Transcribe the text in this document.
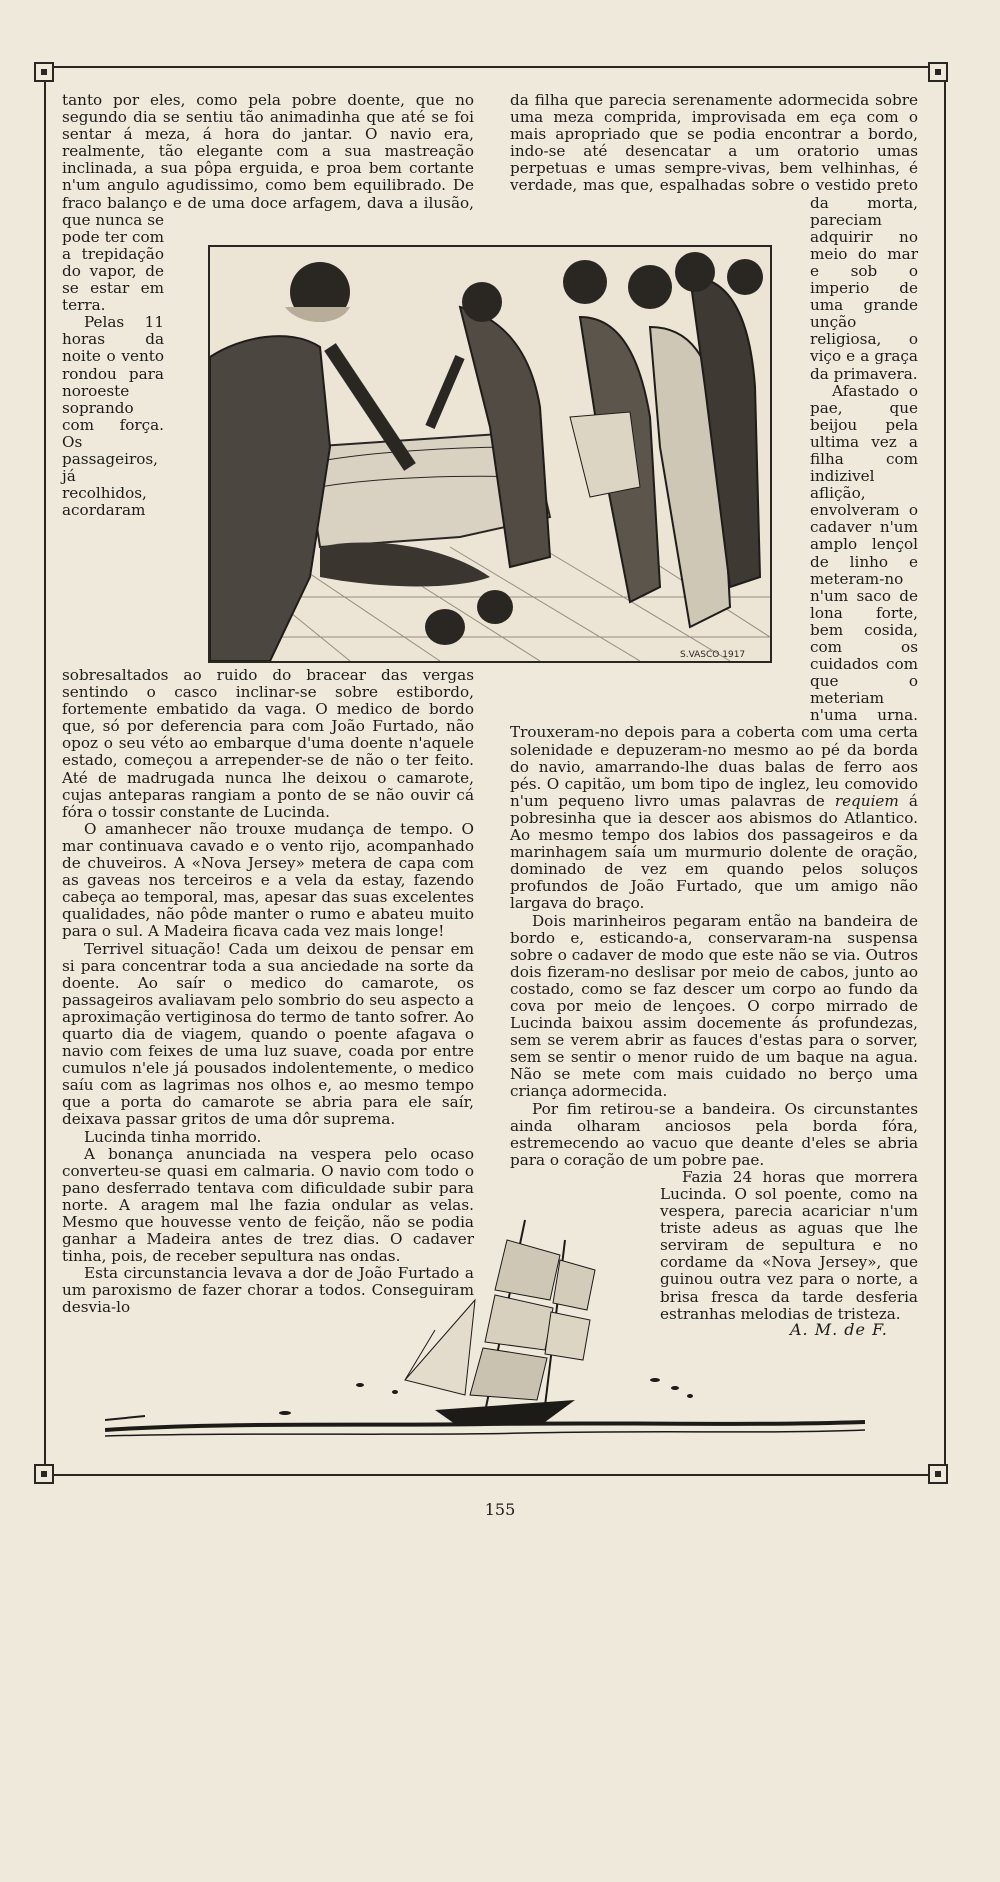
S.VASCO 1917

tanto por eles, como pela pobre doente, que no segundo dia se sentiu tão animadinha que até se foi sentar á meza, á hora do jantar. O navio era, realmente, tão elegante com a sua mastreação inclinada, a sua pôpa erguida, e proa bem cortante n'um angulo agudissimo, como bem equilibrado. De fraco balanço e de uma doce arfagem, dava a ilusão, que nunca se pode ter com a trepidação do vapor, de se estar em terra.

Pelas 11 horas da noite o vento rondou para noroeste soprando com força. Os passageiros, já recolhidos, acordaram sobresaltados ao ruido do bracear das vergas sentindo o casco inclinar-se sobre estibordo, fortemente embatido da vaga. O medico de bordo que, só por deferencia para com João Furtado, não opoz o seu véto ao embarque d'uma doente n'aquele estado, começou a arrepender-se de não o ter feito. Até de madrugada nunca lhe deixou o camarote, cujas anteparas rangiam a ponto de se não ouvir cá fóra o tossir constante de Lucinda.

O amanhecer não trouxe mudança de tempo. O mar continuava cavado e o vento rijo, acompanhado de chuveiros. A «Nova Jersey» metera de capa com as gaveas nos terceiros e a vela da estay, fazendo cabeça ao temporal, mas, apesar das suas excelentes qualidades, não pôde manter o rumo e abateu muito para o sul. A Madeira ficava cada vez mais longe!

Terrivel situação! Cada um deixou de pensar em si para concentrar toda a sua anciedade na sorte da doente. Ao saír o medico do camarote, os passageiros avaliavam pelo sombrio do seu aspecto a aproximação vertiginosa do termo de tanto sofrer. Ao quarto dia de viagem, quando o poente afagava o navio com feixes de uma luz suave, coada por entre cumulos n'ele já pousados indolentemente, o medico saíu com as lagrimas nos olhos e, ao mesmo tempo que a porta do camarote se abria para ele saír, deixava passar gritos de uma dôr suprema.

Lucinda tinha morrido.

A bonança anunciada na vespera pelo ocaso converteu-se quasi em calmaria. O navio com todo o pano desferrado tentava com dificuldade subir para norte. A aragem mal lhe fazia ondular as velas. Mesmo que houvesse vento de feição, não se podia ganhar a Madeira antes de trez dias. O cadaver tinha, pois, de receber sepultura nas ondas.

Esta circunstancia levava a dor de João Furtado a um paroxismo de fazer chorar a todos. Conseguiram desvia-lo

da filha que parecia serenamente adormecida sobre uma meza comprida, improvisada em eça com o mais apropriado que se podia encontrar a bordo, indo-se até desencatar a um oratorio umas perpetuas e umas sempre-vivas, bem velhinhas, é verdade, mas que, espalhadas sobre o vestido preto da morta, pareciam adquirir no meio do mar e sob o imperio de uma grande unção religiosa, o viço e a graça da primavera.

Afastado o pae, que beijou pela ultima vez a filha com indizivel aflição, envolveram o cadaver n'um amplo lençol de linho e meteram-no n'um saco de lona forte, bem cosida, com os cuidados com que o meteriam n'uma urna. Trouxeram-no depois para a coberta com uma certa solenidade e depuzeram-no mesmo ao pé da borda do navio, amarrando-lhe duas balas de ferro aos pés. O capitão, um bom tipo de inglez, leu comovido n'um pequeno livro umas palavras de requiem á pobresinha que ia descer aos abismos do Atlantico. Ao mesmo tempo dos labios dos passageiros e da marinhagem saía um murmurio dolente de oração, dominado de vez em quando pelos soluços profundos de João Furtado, que um amigo não largava do braço.

Dois marinheiros pegaram então na bandeira de bordo e, esticando-a, conservaram-na suspensa sobre o cadaver de modo que este não se via. Outros dois fizeram-no deslisar por meio de cabos, junto ao costado, como se faz descer um corpo ao fundo da cova por meio de lençoes. O corpo mirrado de Lucinda baixou assim docemente ás profundezas, sem se verem abrir as fauces d'estas para o sorver, sem se sentir o menor ruido de um baque na agua. Não se mete com mais cuidado no berço uma criança adormecida.

Por fim retirou-se a bandeira. Os circunstantes ainda olharam anciosos pela borda fóra, estremecendo ao vacuo que deante d'eles se abria para o coração de um pobre pae.

Fazia 24 horas que morrera Lucinda. O sol poente, como na vespera, parecia acariciar n'um triste adeus as aguas que lhe serviram de sepultura e no cordame da «Nova Jersey», que guinou outra vez para o norte, a brisa fresca da tarde desferia estranhas melodias de tristeza.

A. M. de F.
155
